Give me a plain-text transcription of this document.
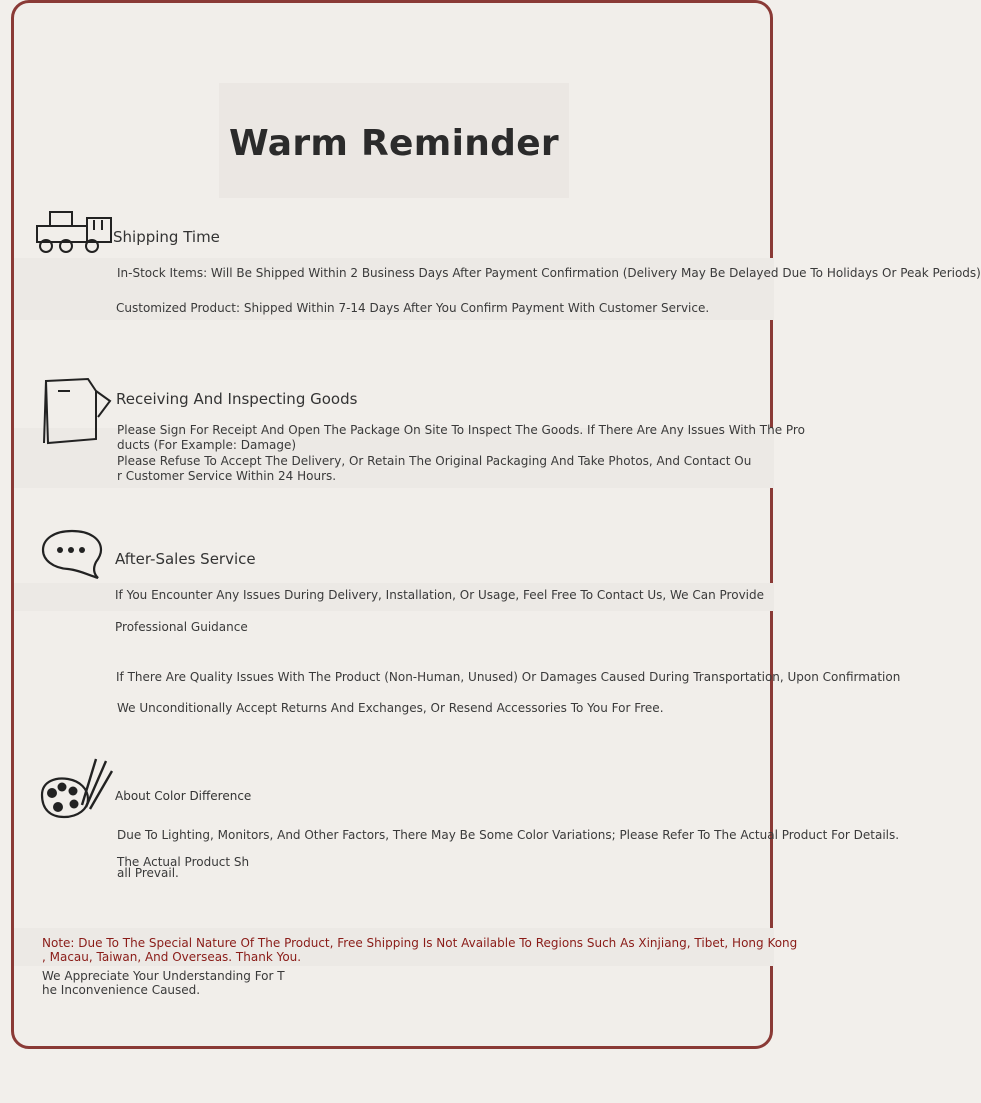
Warm Reminder
Shipping Time
In-Stock Items: Will Be Shipped Within 2 Business Days After Payment Confirmation (Delivery May Be Delayed Due To Holidays Or Peak Periods)
Customized Product: Shipped Within 7-14 Days After You Confirm Payment With Customer Service.
Receiving And Inspecting Goods
Please Sign For Receipt And Open The Package On Site To Inspect The Goods. If There Are Any Issues With The Pro
ducts (For Example: Damage)
Please Refuse To Accept The Delivery, Or Retain The Original Packaging And Take Photos, And Contact Ou
r Customer Service Within 24 Hours.
After-Sales Service
If You Encounter Any Issues During Delivery, Installation, Or Usage, Feel Free To Contact Us, We Can Provide
Professional Guidance
If There Are Quality Issues With The Product (Non-Human, Unused) Or Damages Caused During Transportation, Upon Confirmation
We Unconditionally Accept Returns And Exchanges, Or Resend Accessories To You For Free.
About Color Difference
Due To Lighting, Monitors, And Other Factors, There May Be Some Color Variations; Please Refer To The Actual Product For Details.
The Actual Product Sh
all Prevail.
Note: Due To The Special Nature Of The Product, Free Shipping Is Not Available To Regions Such As Xinjiang, Tibet, Hong Kong
, Macau, Taiwan, And Overseas. Thank You.
We Appreciate Your Understanding For T
he Inconvenience Caused.
